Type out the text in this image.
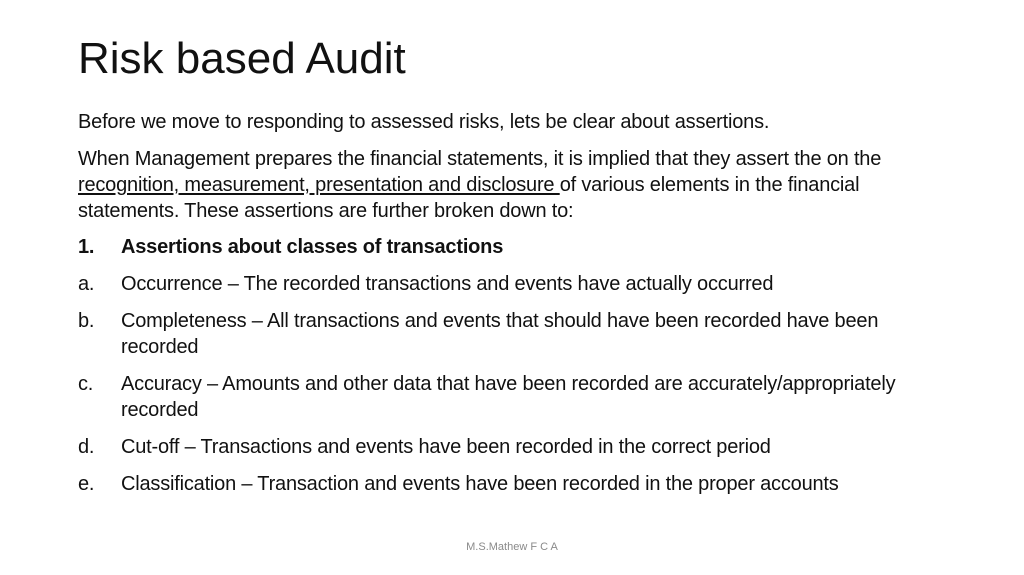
Risk based Audit

Before we move to responding to assessed risks, lets be clear about assertions.

When Management prepares the financial statements, it is implied that they assert the on the recognition, measurement, presentation and disclosure of various elements in the financial statements. These assertions are further broken down to:

1. Assertions about classes of transactions
a. Occurrence – The recorded transactions and events have actually occurred
b. Completeness – All transactions and events that should have been recorded have been recorded
c. Accuracy – Amounts and other data that have been recorded are accurately/appropriately recorded
d. Cut-off – Transactions and events have been recorded in the correct period
e. Classification – Transaction and events have been recorded in the proper accounts
M.S.Mathew F C A
